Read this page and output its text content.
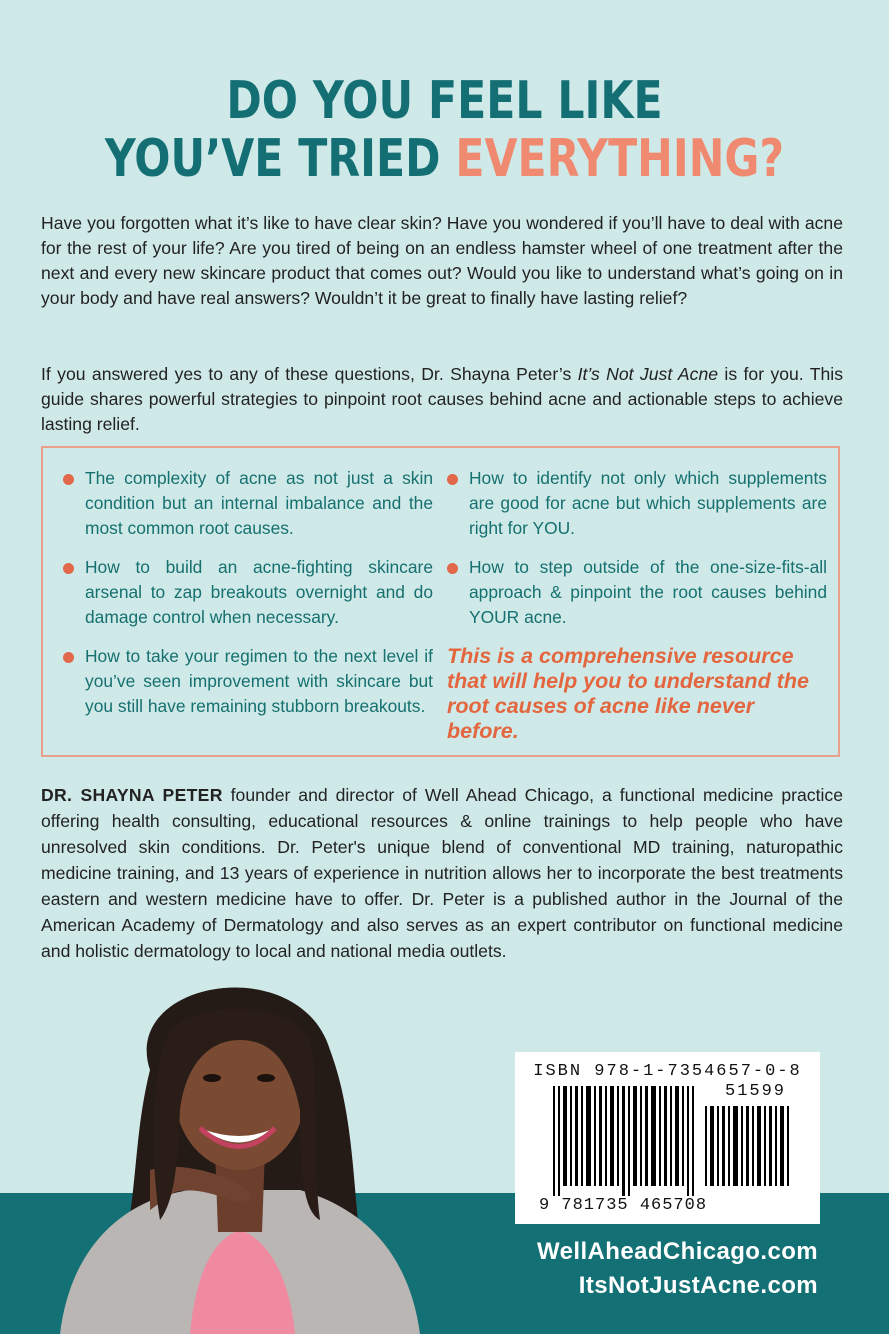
DO YOU FEEL LIKE
YOU’VE TRIED EVERYTHING?
Have you forgotten what it’s like to have clear skin? Have you wondered if you’ll have to deal with acne for the rest of your life? Are you tired of being on an endless hamster wheel of one treatment after the next and every new skincare product that comes out? Would you like to understand what’s going on in your body and have real answers? Wouldn’t it be great to finally have lasting relief?
If you answered yes to any of these questions, Dr. Shayna Peter’s It’s Not Just Acne is for you. This guide shares powerful strategies to pinpoint root causes behind acne and actionable steps to achieve lasting relief.
The complexity of acne as not just a skin condition but an internal imbalance and the most common root causes.
How to build an acne-fighting skincare arsenal to zap breakouts overnight and do damage control when necessary.
How to take your regimen to the next level if you’ve seen improvement with skincare but you still have remaining stubborn breakouts.
How to identify not only which supplements are good for acne but which supplements are right for YOU.
How to step outside of the one-size-fits-all approach & pinpoint the root causes behind YOUR acne.
This is a comprehensive resource that will help you to understand the root causes of acne like never before.
DR. SHAYNA PETER founder and director of Well Ahead Chicago, a functional medicine practice offering health consulting, educational resources & online trainings to help people who have unresolved skin conditions. Dr. Peter's unique blend of conventional MD training, naturopathic medicine training, and 13 years of experience in nutrition allows her to incorporate the best treatments eastern and western medicine have to offer. Dr. Peter is a published author in the Journal of the American Academy of Dermatology and also serves as an expert contributor on functional medicine and holistic dermatology to local and national media outlets.
ISBN 978-1-7354657-0-8
51599
9 781735 465708
WellAheadChicago.com
ItsNotJustAcne.com
